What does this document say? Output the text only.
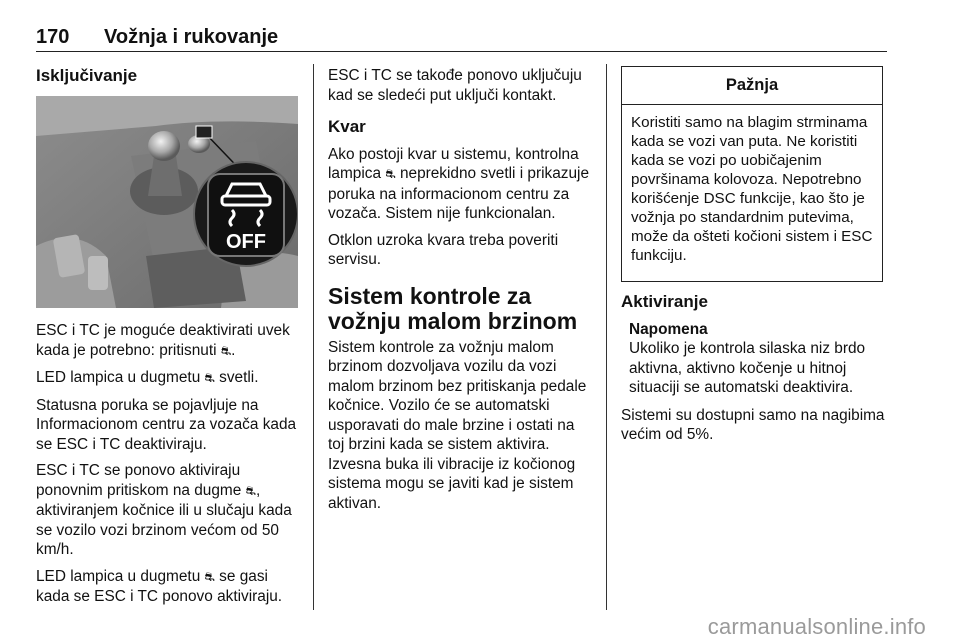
170 Vožnja i rukovanje
Isključivanje
OFF

ESC i TC je moguće deaktivirati uvek kada je potrebno: pritisnuti ⛐.

LED lampica u dugmetu ⛐ svetli.

Statusna poruka se pojavljuje na Informacionom centru za vozača kada se ESC i TC deaktiviraju.

ESC i TC se ponovo aktiviraju ponovnim pritiskom na dugme ⛐, aktiviranjem kočnice ili u slučaju kada se vozilo vozi brzinom većom od 50 km/h.

LED lampica u dugmetu ⛐ se gasi kada se ESC i TC ponovo aktiviraju.

ESC i TC se takođe ponovo uključuju kad se sledeći put uključi kontakt.

Kvar

Ako postoji kvar u sistemu, kontrolna lampica ⛐ neprekidno svetli i prikazuje poruka na informacionom centru za vozača. Sistem nije funkcionalan.

Otklon uzroka kvara treba poveriti servisu.

Sistem kontrole za vožnju malom brzinom

Sistem kontrole za vožnju malom brzinom dozvoljava vozilu da vozi malom brzinom bez pritiskanja pedale kočnice. Vozilo će se automatski usporavati do male brzine i ostati na toj brzini kada se sistem aktivira. Izvesna buka ili vibracije iz kočionog sistema mogu se javiti kad je sistem aktivan.

Pažnja
Koristiti samo na blagim strminama kada se vozi van puta. Ne koristiti kada se vozi po uobičajenim površinama kolovoza. Nepotrebno korišćenje DSC funkcije, kao što je vožnja po standardnim putevima, može da ošteti kočioni sistem i ESC funkciju.
Aktiviranje
Napomena
Ukoliko je kontrola silaska niz brdo aktivna, aktivno kočenje u hitnoj situaciji se automatski deaktivira.

Sistemi su dostupni samo na nagibima većim od 5%.

carmanualsonline.info
